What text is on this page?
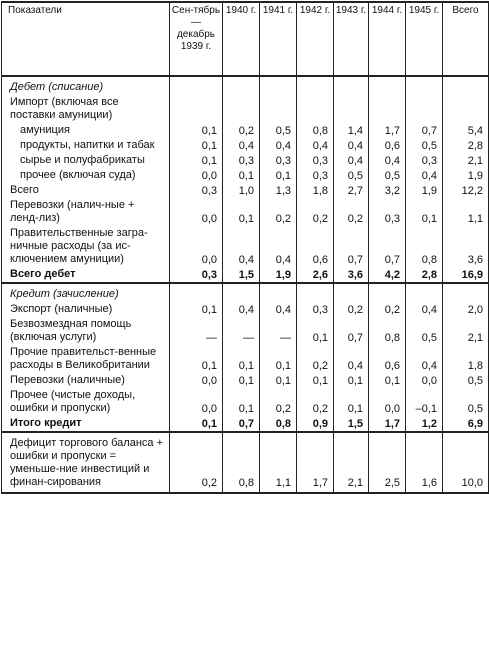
Показатели	Сен-тябрь — декабрь 1939 г.	1940 г.	1941 г.	1942 г.	1943 г.	1944 г.	1945 г.	Всего
Дебет (списание)								
Импорт (включая все поставки амуниции)								
амуниция	0,1	0,2	0,5	0,8	1,4	1,7	0,7	5,4
продукты, напитки и табак	0,1	0,4	0,4	0,4	0,4	0,6	0,5	2,8
сырье и полуфабрикаты	0,1	0,3	0,3	0,3	0,4	0,4	0,3	2,1
прочее (включая суда)	0,0	0,1	0,1	0,3	0,5	0,5	0,4	1,9
Всего	0,3	1,0	1,3	1,8	2,7	3,2	1,9	12,2
Перевозки (налич-ные + ленд-лиз)	0,0	0,1	0,2	0,2	0,2	0,3	0,1	1,1
Правительственные загра-ничные расходы (за ис-ключением амуниции)	0,0	0,4	0,4	0,6	0,7	0,7	0,8	3,6
Всего дебет	0,3	1,5	1,9	2,6	3,6	4,2	2,8	16,9
Кредит (зачисление)								
Экспорт (наличные)	0,1	0,4	0,4	0,3	0,2	0,2	0,4	2,0
Безвозмездная помощь (включая услуги)	—	—	—	0,1	0,7	0,8	0,5	2,1
Прочие правительст-венные расходы в Великобритании	0,1	0,1	0,1	0,2	0,4	0,6	0,4	1,8
Перевозки (наличные)	0,0	0,1	0,1	0,1	0,1	0,1	0,0	0,5
Прочее (чистые доходы, ошибки и пропуски)	0,0	0,1	0,2	0,2	0,1	0,0	–0,1	0,5
Итого кредит	0,1	0,7	0,8	0,9	1,5	1,7	1,2	6,9
Дефицит торгового баланса + ошибки и пропуски = уменьше-ние инвестиций и финан-сирования	0,2	0,8	1,1	1,7	2,1	2,5	1,6	10,0
